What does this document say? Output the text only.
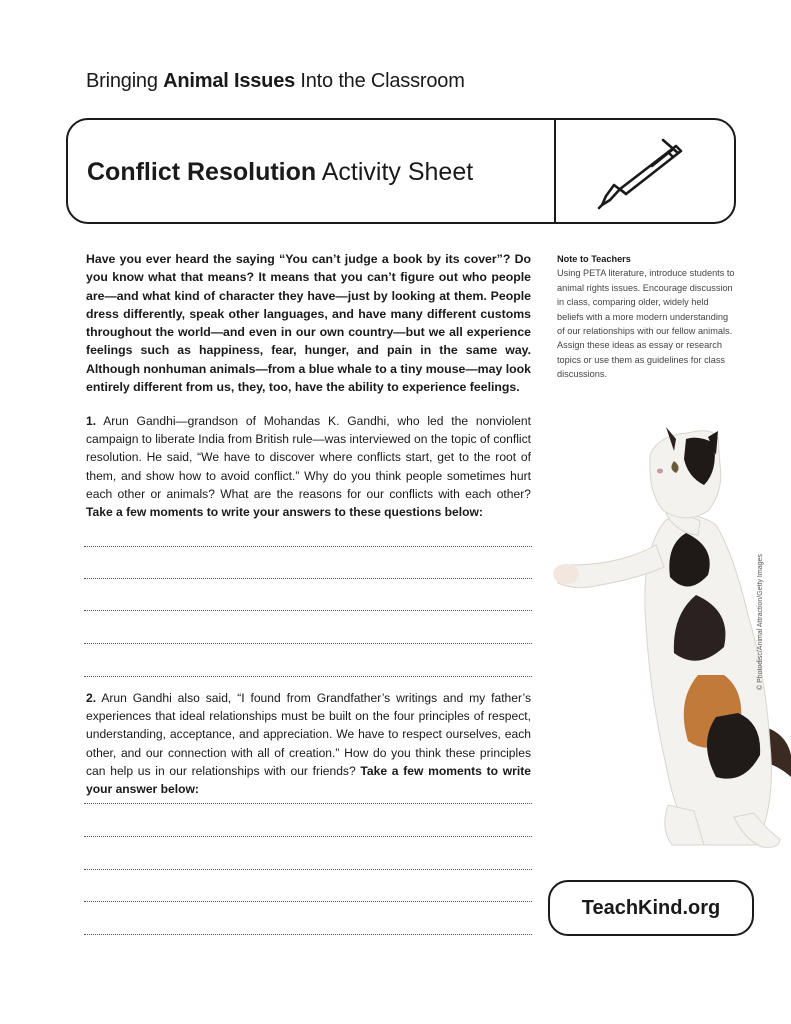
Bringing Animal Issues Into the Classroom
Conflict Resolution Activity Sheet

Have you ever heard the saying “You can’t judge a book by its cover”? Do you know what that means? It means that you can’t figure out who people are—and what kind of character they have—just by looking at them. People dress differently, speak other languages, and have many different customs throughout the world—and even in our own country—but we all experience feelings such as happiness, fear, hunger, and pain in the same way. Although nonhuman animals—from a blue whale to a tiny mouse—may look entirely different from us, they, too, have the ability to experience feelings.

Note to Teachers
Using PETA literature, introduce students to animal rights issues. Encourage discussion in class, comparing older, widely held beliefs with a more modern understanding of our relationships with our fellow animals. Assign these ideas as essay or research topics or use them as guidelines for class discussions.

1. Arun Gandhi—grandson of Mohandas K. Gandhi, who led the nonviolent campaign to liberate India from British rule—was interviewed on the topic of conflict resolution. He said, “We have to discover where conflicts start, get to the root of them, and show how to avoid conflict.” Why do you think people sometimes hurt each other or animals? What are the reasons for our conflicts with each other? Take a few moments to write your answers to these questions below:

2. Arun Gandhi also said, “I found from Grandfather’s writings and my father’s experiences that ideal relationships must be built on the four principles of respect, understanding, acceptance, and appreciation. We have to respect ourselves, each other, and our connection with all of creation.” How do you think these principles can help us in our relationships with our friends? Take a few moments to write your answer below:

© Photodisc/Animal Attraction/Getty Images
TeachKind.org
